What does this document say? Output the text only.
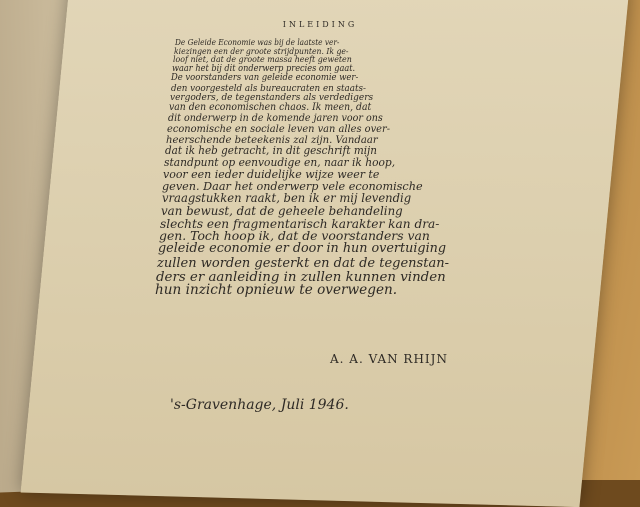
INLEIDING
De Geleide Economie was bij de laatste ver-
kiezingen een der groote strijdpunten. Ik ge-
loof niet, dat de groote massa heeft geweten
waar het bij dit onderwerp precies om gaat.
De voorstanders van geleide economie wer-
den voorgesteld als bureaucraten en staats-
vergoders, de tegenstanders als verdedigers
van den economischen chaos. Ik meen, dat
dit onderwerp in de komende jaren voor ons
economische en sociale leven van alles over-
heerschende beteekenis zal zijn. Vandaar
dat ik heb getracht, in dit geschrift mijn
standpunt op eenvoudige en, naar ik hoop,
voor een ieder duidelijke wijze weer te
geven. Daar het onderwerp vele economische
vraagstukken raakt, ben ik er mij levendig
van bewust, dat de geheele behandeling
slechts een fragmentarisch karakter kan dra-
gen. Toch hoop ik, dat de voorstanders van
geleide economie er door in hun overtuiging
zullen worden gesterkt en dat de tegenstan-
ders er aanleiding in zullen kunnen vinden
hun inzicht opnieuw te overwegen.
A. A. VAN RHIJN
's-Gravenhage, Juli 1946.
